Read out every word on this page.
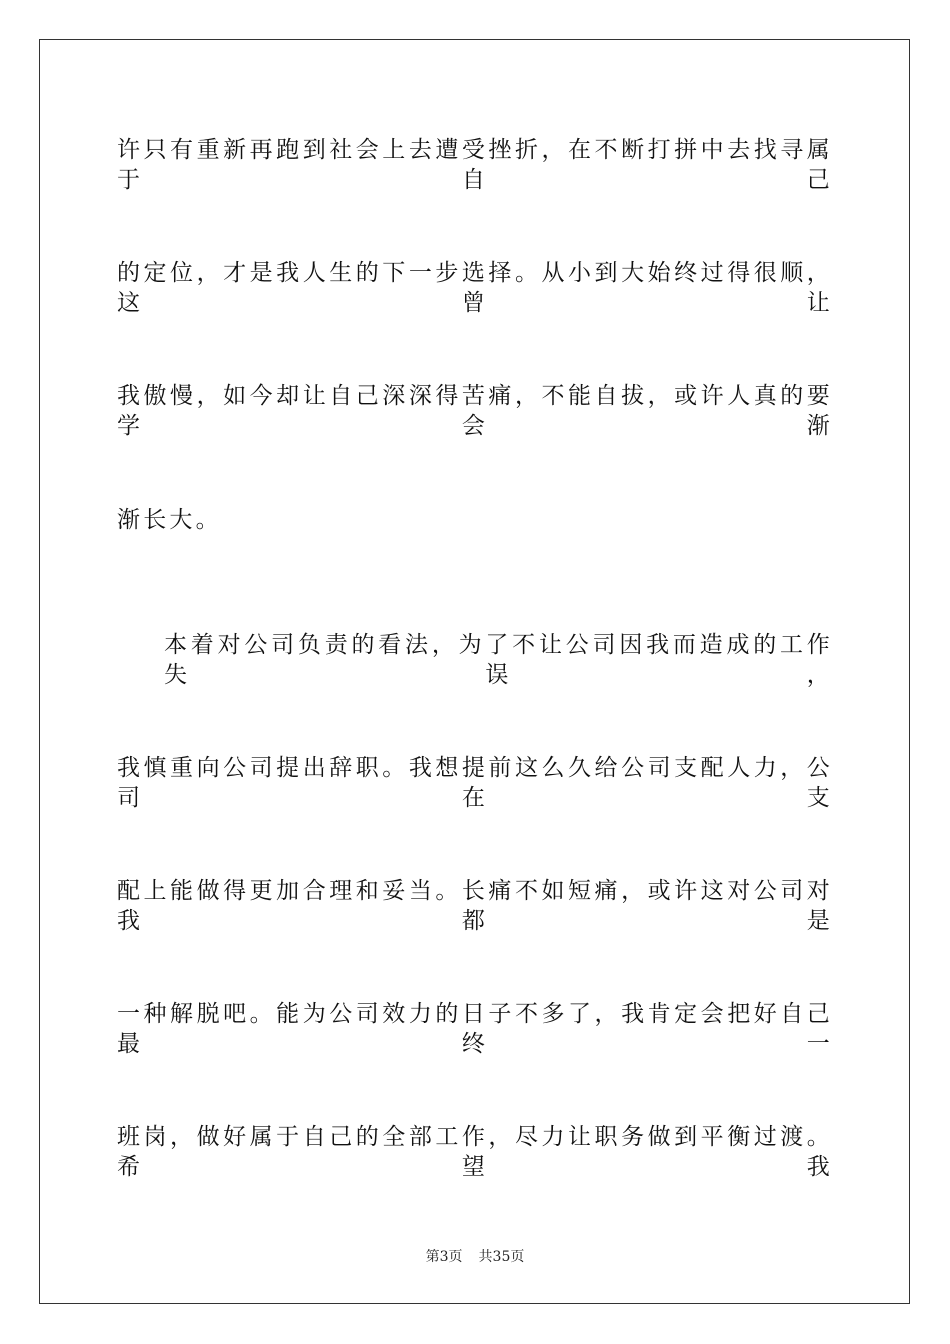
许只有重新再跑到社会上去遭受挫折，在不断打拼中去找寻属于自己
的定位，才是我人生的下一步选择。从小到大始终过得很顺，这曾让
我傲慢，如今却让自己深深得苦痛，不能自拔，或许人真的要学会渐
渐长大。
本着对公司负责的看法，为了不让公司因我而造成的工作失误，
我慎重向公司提出辞职。我想提前这么久给公司支配人力，公司在支
配上能做得更加合理和妥当。长痛不如短痛，或许这对公司对我都是
一种解脱吧。能为公司效力的日子不多了，我肯定会把好自己最终一
班岗，做好属于自己的全部工作，尽力让职务做到平衡过渡。希望我
第3页 共35页
